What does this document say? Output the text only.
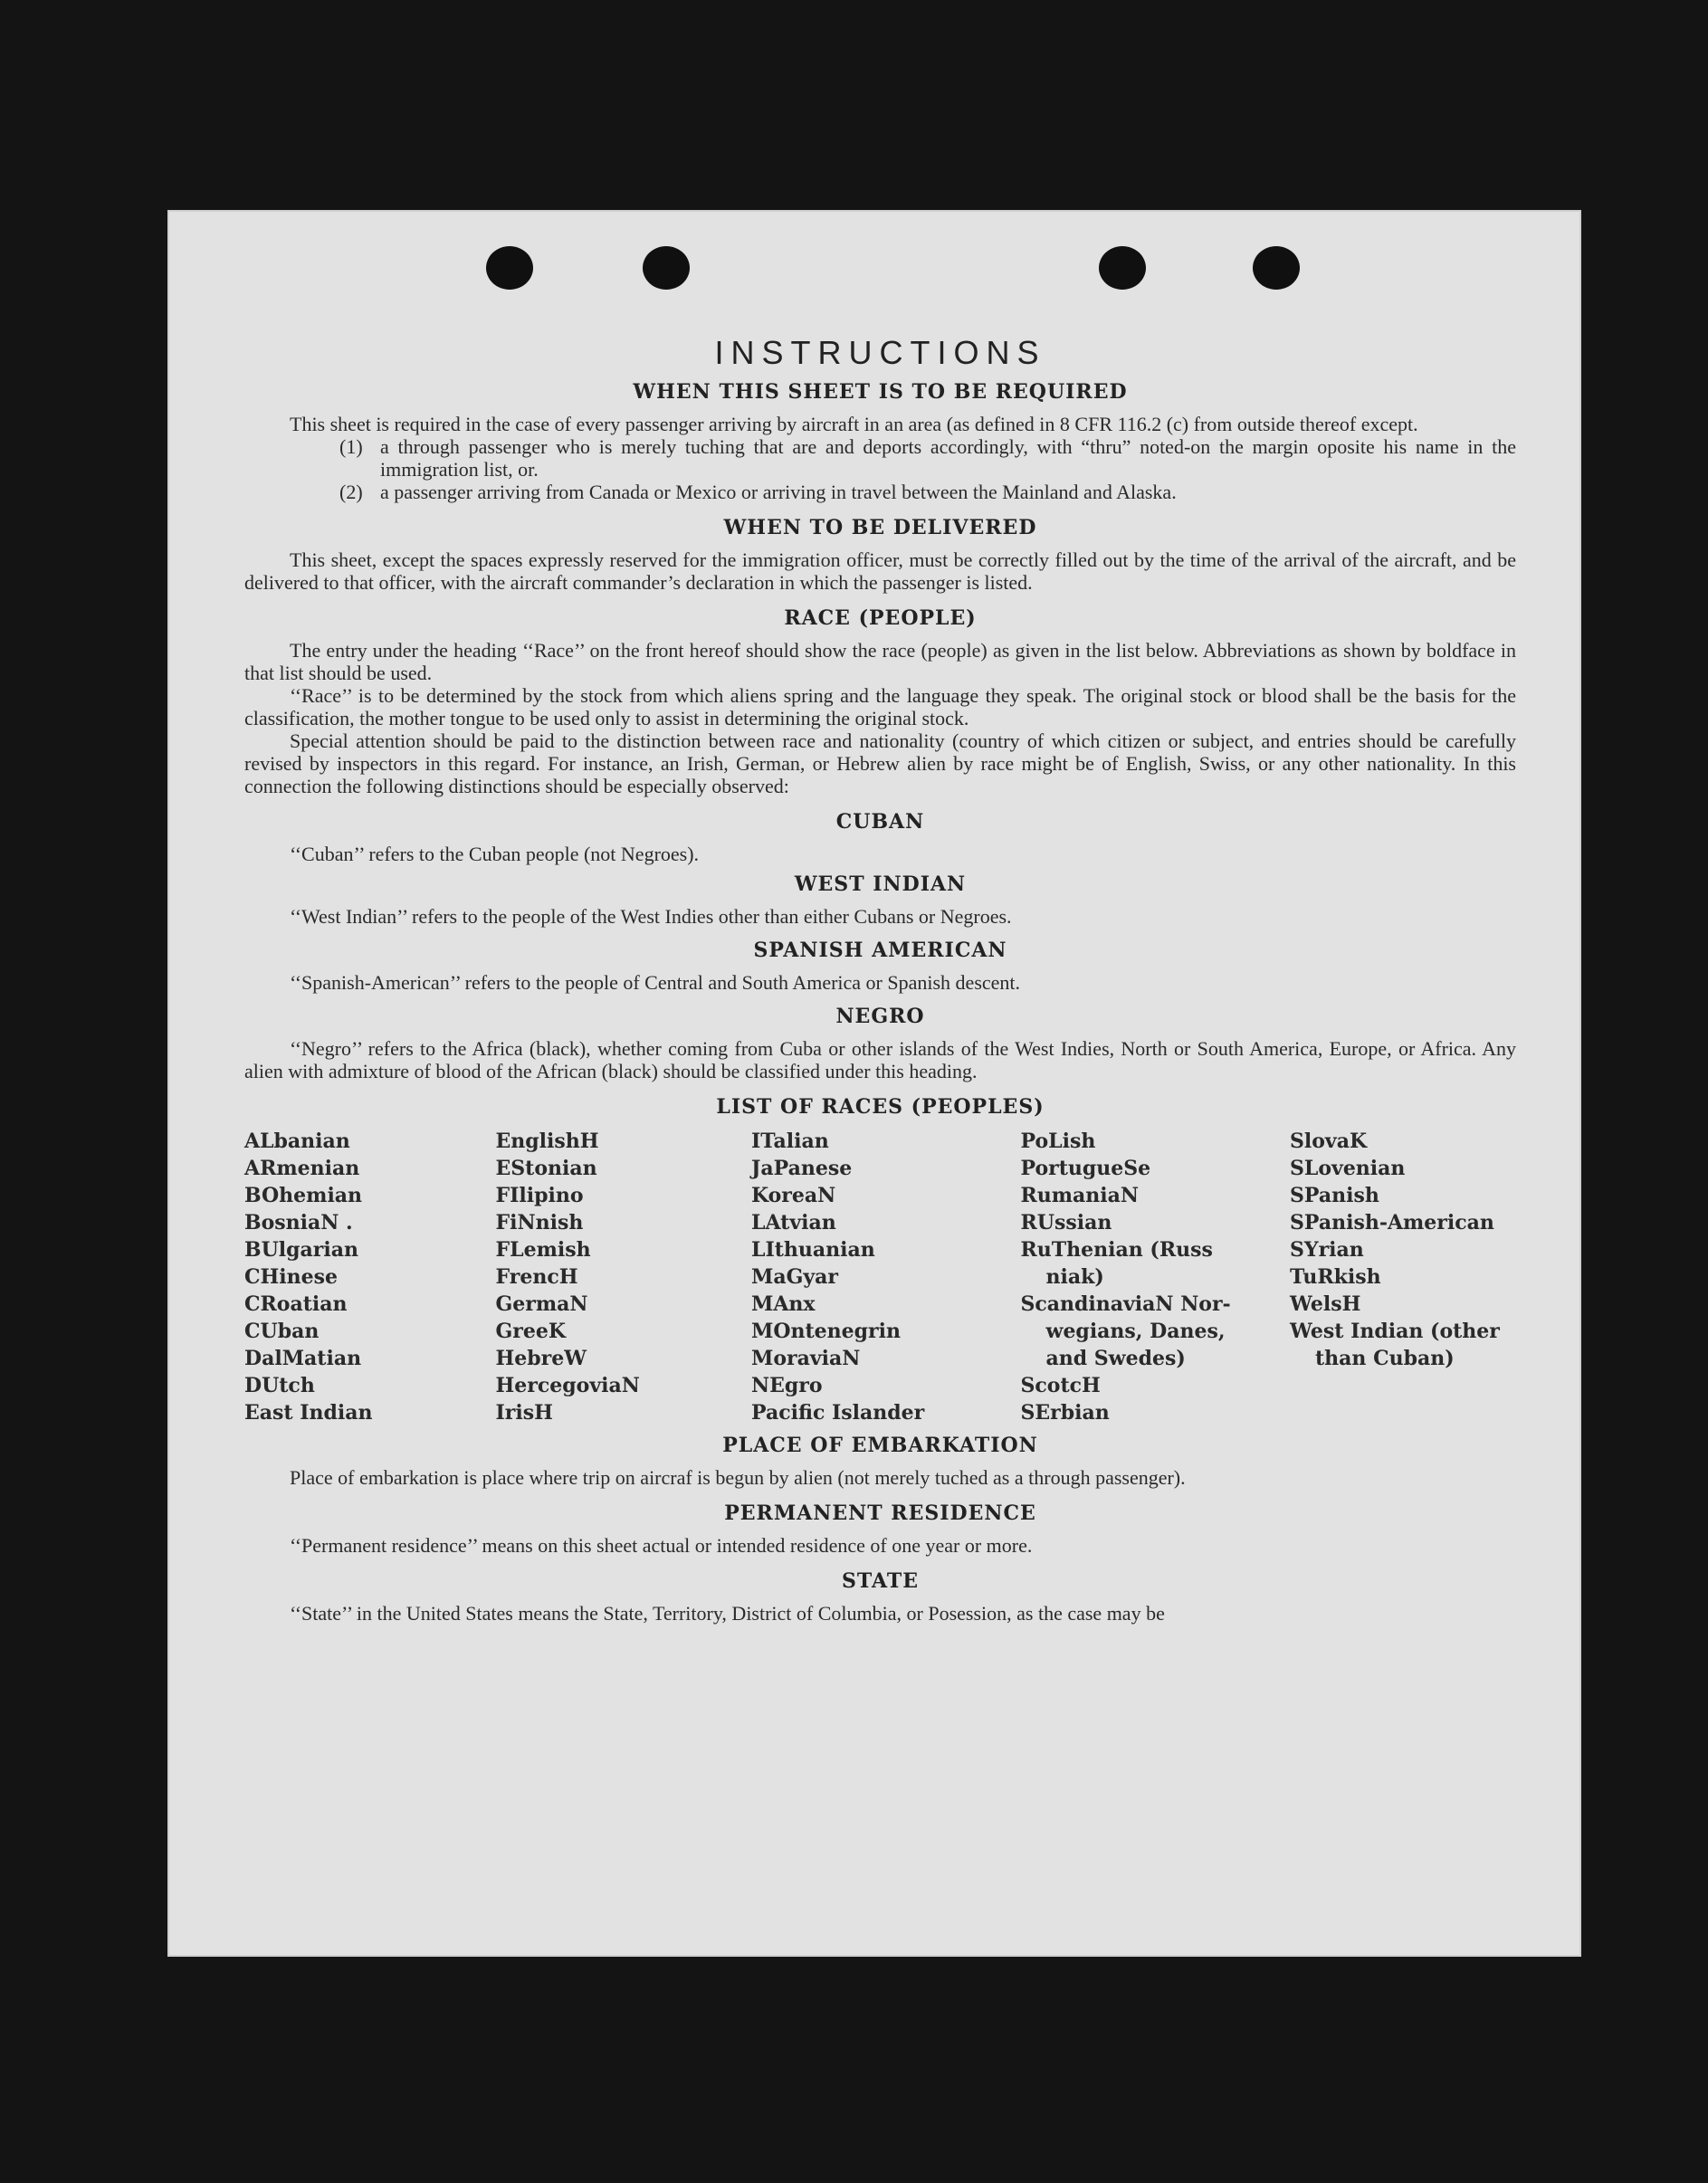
INSTRUCTIONS
WHEN THIS SHEET IS TO BE REQUIRED

This sheet is required in the case of every passenger arriving by aircraft in an area (as defined in 8 CFR 116.2 (c) from outside thereof except.

(1) a through passenger who is merely tuching that are and deports accordingly, with “thru” noted-on the margin oposite his name in the immigration list, or.
(2) a passenger arriving from Canada or Mexico or arriving in travel between the Mainland and Alaska.
WHEN TO BE DELIVERED

This sheet, except the spaces expressly reserved for the immigration officer, must be correctly filled out by the time of the arrival of the aircraft, and be delivered to that officer, with the aircraft commander’s declaration in which the passenger is listed.

RACE (PEOPLE)

The entry under the heading ‘‘Race’’ on the front hereof should show the race (people) as given in the list below. Abbreviations as shown by boldface in that list should be used.

‘‘Race’’ is to be determined by the stock from which aliens spring and the language they speak. The original stock or blood shall be the basis for the classification, the mother tongue to be used only to assist in determining the original stock.

Special attention should be paid to the distinction between race and nationality (country of which citizen or subject, and entries should be carefully revised by inspectors in this regard. For instance, an Irish, German, or Hebrew alien by race might be of English, Swiss, or any other nationality. In this connection the following distinctions should be especially observed:

CUBAN

‘‘Cuban’’ refers to the Cuban people (not Negroes).

WEST INDIAN

‘‘West Indian’’ refers to the people of the West Indies other than either Cubans or Negroes.

SPANISH AMERICAN

‘‘Spanish-American’’ refers to the people of Central and South America or Spanish descent.

NEGRO

‘‘Negro’’ refers to the Africa (black), whether coming from Cuba or other islands of the West Indies, North or South America, Europe, or Africa. Any alien with admixture of blood of the African (black) should be classified under this heading.

LIST OF RACES (PEOPLES)
ALbanian
ARmenian
BOhemian
BosniaN .
BUlgarian
CHinese
CRoatian
CUban
DalMatian
DUtch
East Indian
EnglishH
EStonian
FIlipino
FiNnish
FLemish
FrencH
GermaN
GreeK
HebreW
HercegoviaN
IrisH
ITalian
JaPanese
KoreaN
LAtvian
LIthuanian
MaGyar
MAnx
MOntenegrin
MoraviaN
NEgro
Pacific Islander
PoLish
PortugueSe
RumaniaN
RUssian
RuThenian (Russ
niak)
ScandinaviaN Nor-
wegians, Danes,
and Swedes)
ScotcH
SErbian
SlovaK
SLovenian
SPanish
SPanish-American
SYrian
TuRkish
WelsH
West Indian (other
than Cuban)
PLACE OF EMBARKATION

Place of embarkation is place where trip on aircraf is begun by alien (not merely tuched as a through passenger).

PERMANENT RESIDENCE

‘‘Permanent residence’’ means on this sheet actual or intended residence of one year or more.

STATE

‘‘State’’ in the United States means the State, Territory, District of Columbia, or Posession, as the case may be
